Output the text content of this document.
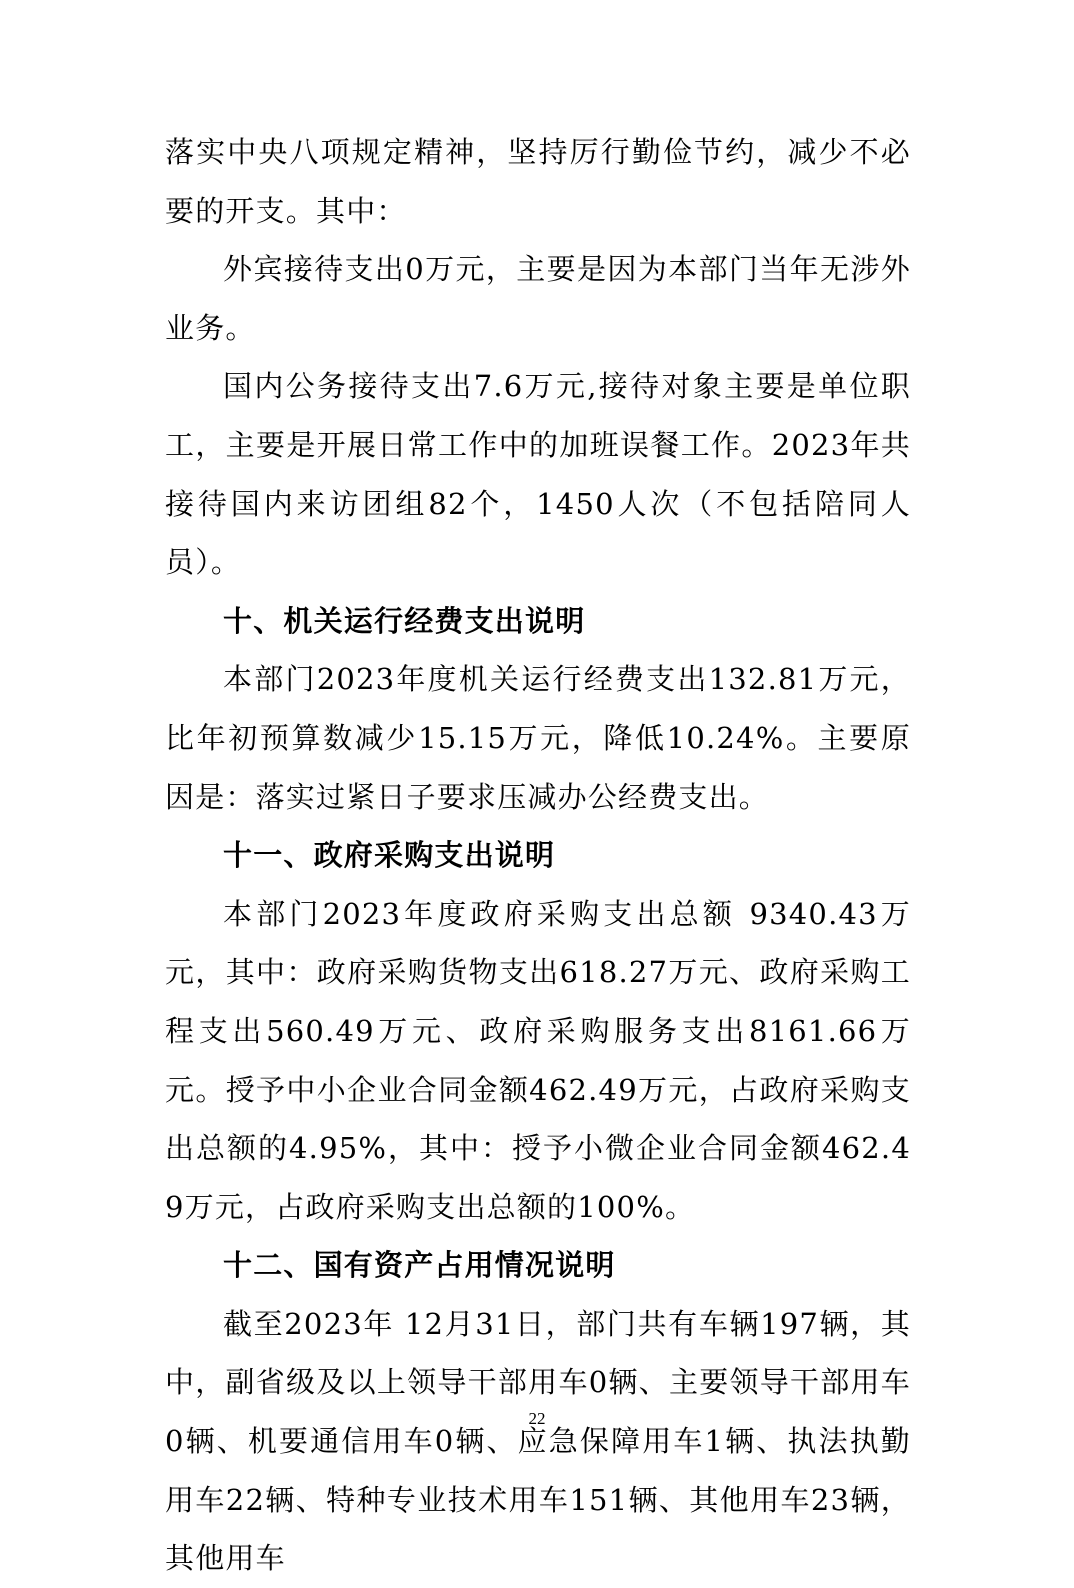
落实中央八项规定精神，坚持厉行勤俭节约，减少不必要的开支。其中：

外宾接待支出0万元，主要是因为本部门当年无涉外业务。

国内公务接待支出7.6万元,接待对象主要是单位职工，主要是开展日常工作中的加班误餐工作。2023年共接待国内来访团组82个，1450人次（不包括陪同人员）。

十、机关运行经费支出说明

本部门2023年度机关运行经费支出132.81万元，比年初预算数减少15.15万元，降低10.24%。主要原因是：落实过紧日子要求压减办公经费支出。

十一、政府采购支出说明

本部门2023年度政府采购支出总额 9340.43万元，其中：政府采购货物支出618.27万元、政府采购工程支出560.49万元、政府采购服务支出8161.66万元。授予中小企业合同金额462.49万元，占政府采购支出总额的4.95%，其中：授予小微企业合同金额462.49万元，占政府采购支出总额的100%。

十二、国有资产占用情况说明

截至2023年 12月31日，部门共有车辆197辆，其中，副省级及以上领导干部用车0辆、主要领导干部用车0辆、机要通信用车0辆、应急保障用车1辆、执法执勤用车22辆、特种专业技术用车151辆、其他用车23辆，其他用车

22
